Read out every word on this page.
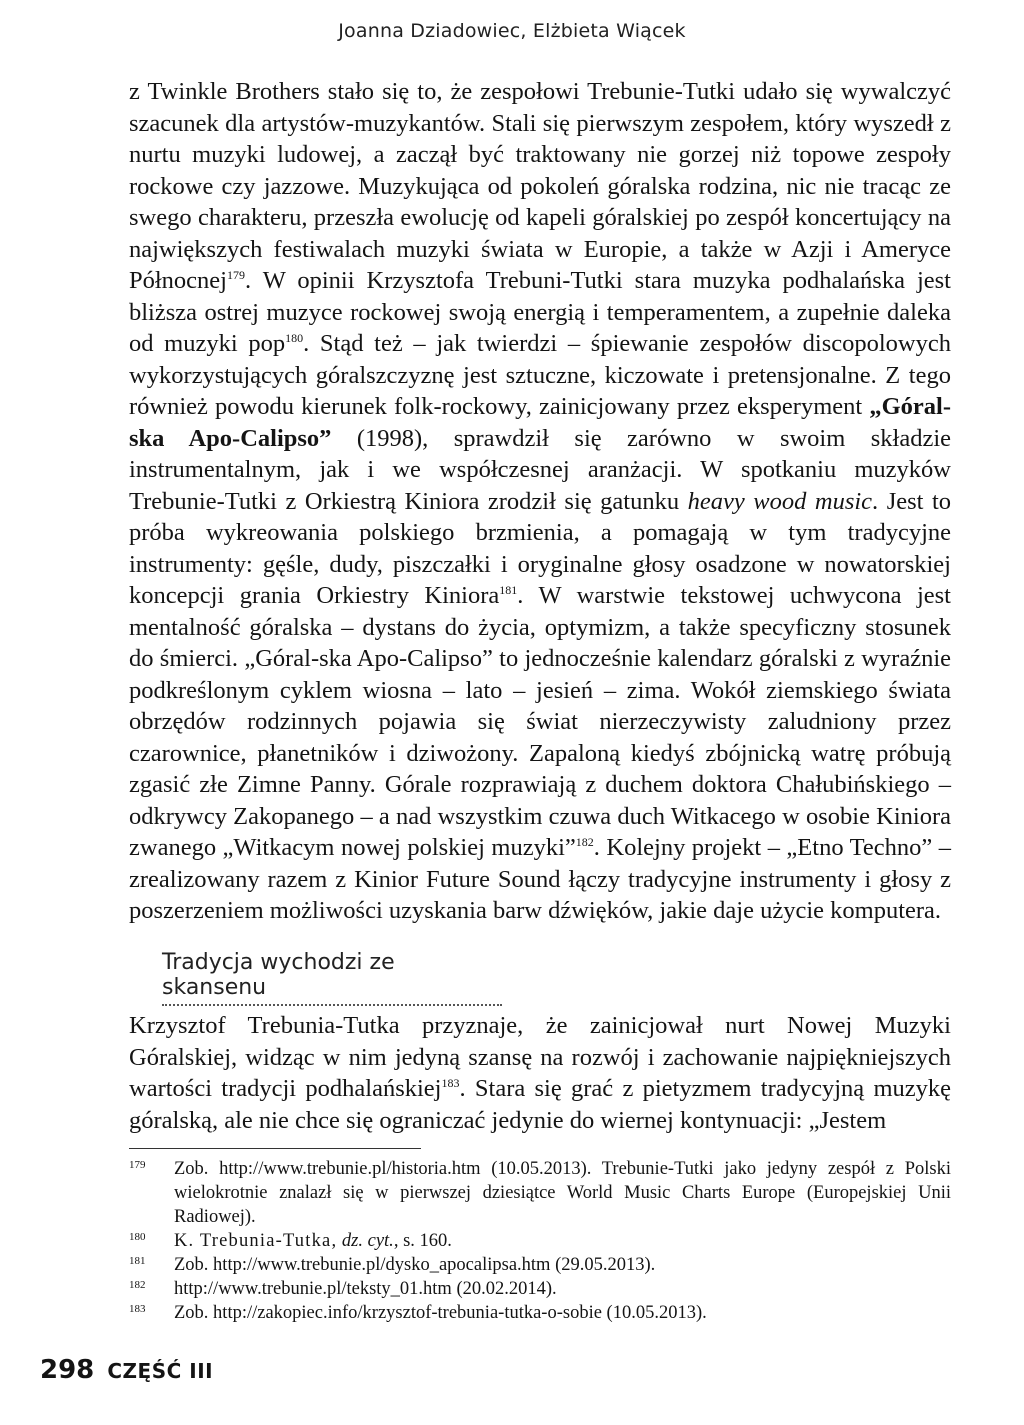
Joanna Dziadowiec, Elżbieta Wiącek

z Twinkle Brothers stało się to, że zespołowi Trebunie-Tutki udało się wywalczyć szacunek dla artystów-muzykantów. Stali się pierwszym zespołem, który wyszedł z nurtu muzyki ludowej, a zaczął być traktowany nie gorzej niż topowe zespoły rockowe czy jazzowe. Muzykująca od pokoleń góralska rodzina, nic nie tracąc ze swego charakteru, przeszła ewolucję od kapeli góralskiej po zespół koncertujący na największych festiwalach muzyki świata w Europie, a także w Azji i Ameryce Północnej$^{179}$. W opinii Krzysztofa Trebuni-Tutki stara muzyka podhalańska jest bliższa ostrej muzyce rockowej swoją energią i temperamentem, a zupełnie daleka od muzyki pop$^{180}$. Stąd też – jak twierdzi – śpiewanie zespołów discopolowych wykorzystujących góralszczyznę jest sztuczne, kiczowate i pretensjonalne. Z tego również powodu kierunek folk-rockowy, zainicjowany przez eksperyment „Góral-ska Apo-Calipso” (1998), sprawdził się zarówno w swoim składzie instrumentalnym, jak i we współczesnej aranżacji. W spotkaniu muzyków Trebunie-Tutki z Orkiestrą Kiniora zrodził się gatunku heavy wood music. Jest to próba wykreowania polskiego brzmienia, a pomagają w tym tradycyjne instrumenty: gęśle, dudy, piszczałki i oryginalne głosy osadzone w nowatorskiej koncepcji grania Orkiestry Kiniora$^{181}$. W warstwie tekstowej uchwycona jest mentalność góralska – dystans do życia, optymizm, a także specyficzny stosunek do śmierci. „Góral-ska Apo-Calipso” to jednocześnie kalendarz góralski z wyraźnie podkreślonym cyklem wiosna – lato – jesień – zima. Wokół ziemskiego świata obrzędów rodzinnych pojawia się świat nierzeczywisty zaludniony przez czarownice, płanetników i dziwożony. Zapaloną kiedyś zbójnicką watrę próbują zgasić złe Zimne Panny. Górale rozprawiają z duchem doktora Chałubińskiego – odkrywcy Zakopanego – a nad wszystkim czuwa duch Witkacego w osobie Kiniora zwanego „Witkacym nowej polskiej muzyki”$^{182}$. Kolejny projekt – „Etno Techno” – zrealizowany razem z Kinior Future Sound łączy tradycyjne instrumenty i głosy z poszerzeniem możliwości uzyskania barw dźwięków, jakie daje użycie komputera.

Tradycja wychodzi ze skansenu

Krzysztof Trebunia-Tutka przyznaje, że zainicjował nurt Nowej Muzyki Góralskiej, widząc w nim jedyną szansę na rozwój i zachowanie najpiękniejszych wartości tradycji podhalańskiej$^{183}$. Stara się grać z pietyzmem tradycyjną muzykę góralską, ale nie chce się ograniczać jedynie do wiernej kontynuacji: „Jestem

179	Zob. http://www.trebunie.pl/historia.htm (10.05.2013). Trebunie-Tutki jako jedyny zespół z Polski wielokrotnie znalazł się w pierwszej dziesiątce World Music Charts Europe (Europejskiej Unii Radiowej).
180	K. Trebunia-Tutka, dz. cyt., s. 160.
181	Zob. http://www.trebunie.pl/dysko_apocalipsa.htm (29.05.2013).
182	http://www.trebunie.pl/teksty_01.htm (20.02.2014).
183	Zob. http://zakopiec.info/krzysztof-trebunia-tutka-o-sobie (10.05.2013).
298 CZĘŚĆ III
